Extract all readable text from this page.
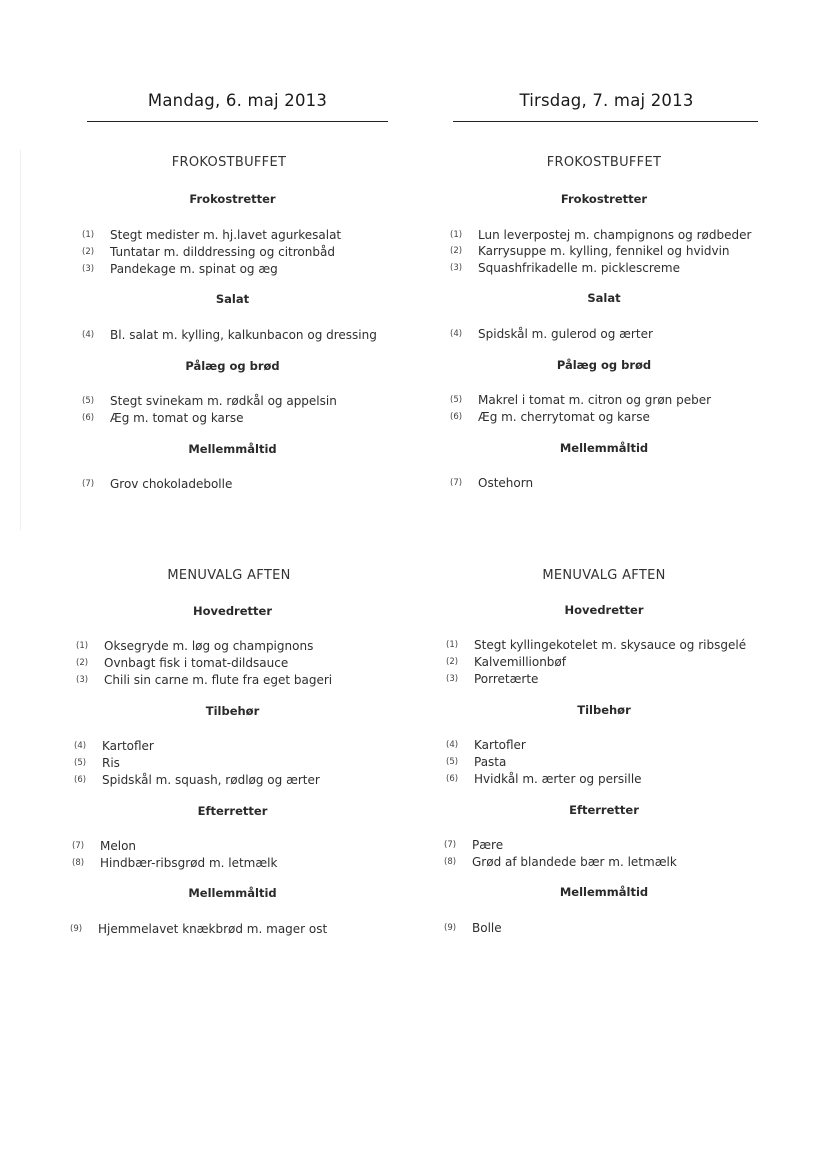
Mandag, 6. maj 2013
FROKOSTBUFFET
Frokostretter
(1) Stegt medister m. hj.lavet agurkesalat
(2) Tuntatar m. dilddressing og citronbåd
(3) Pandekage m. spinat og æg
Salat
(4) Bl. salat m. kylling, kalkunbacon og dressing
Pålæg og brød
(5) Stegt svinekam m. rødkål og appelsin
(6) Æg m. tomat og karse
Mellemmåltid
(7) Grov chokoladebolle
MENUVALG AFTEN
Hovedretter
(1) Oksegryde m. løg og champignons
(2) Ovnbagt fisk i tomat-dildsauce
(3) Chili sin carne m. flute fra eget bageri
Tilbehør
(4) Kartofler
(5) Ris
(6) Spidskål m. squash, rødløg og ærter
Efterretter
(7) Melon
(8) Hindbær-ribsgrød m. letmælk
Mellemmåltid
(9) Hjemmelavet knækbrød m. mager ost
Tirsdag, 7. maj 2013
FROKOSTBUFFET
Frokostretter
(1) Lun leverpostej m. champignons og rødbeder
(2) Karrysuppe m. kylling, fennikel og hvidvin
(3) Squashfrikadelle m. picklescreme
Salat
(4) Spidskål m. gulerod og ærter
Pålæg og brød
(5) Makrel i tomat m. citron og grøn peber
(6) Æg m. cherrytomat og karse
Mellemmåltid
(7) Ostehorn
MENUVALG AFTEN
Hovedretter
(1) Stegt kyllingekotelet m. skysauce og ribsgelé
(2) Kalvemillionbøf
(3) Porretærte
Tilbehør
(4) Kartofler
(5) Pasta
(6) Hvidkål m. ærter og persille
Efterretter
(7) Pære
(8) Grød af blandede bær m. letmælk
Mellemmåltid
(9) Bolle
